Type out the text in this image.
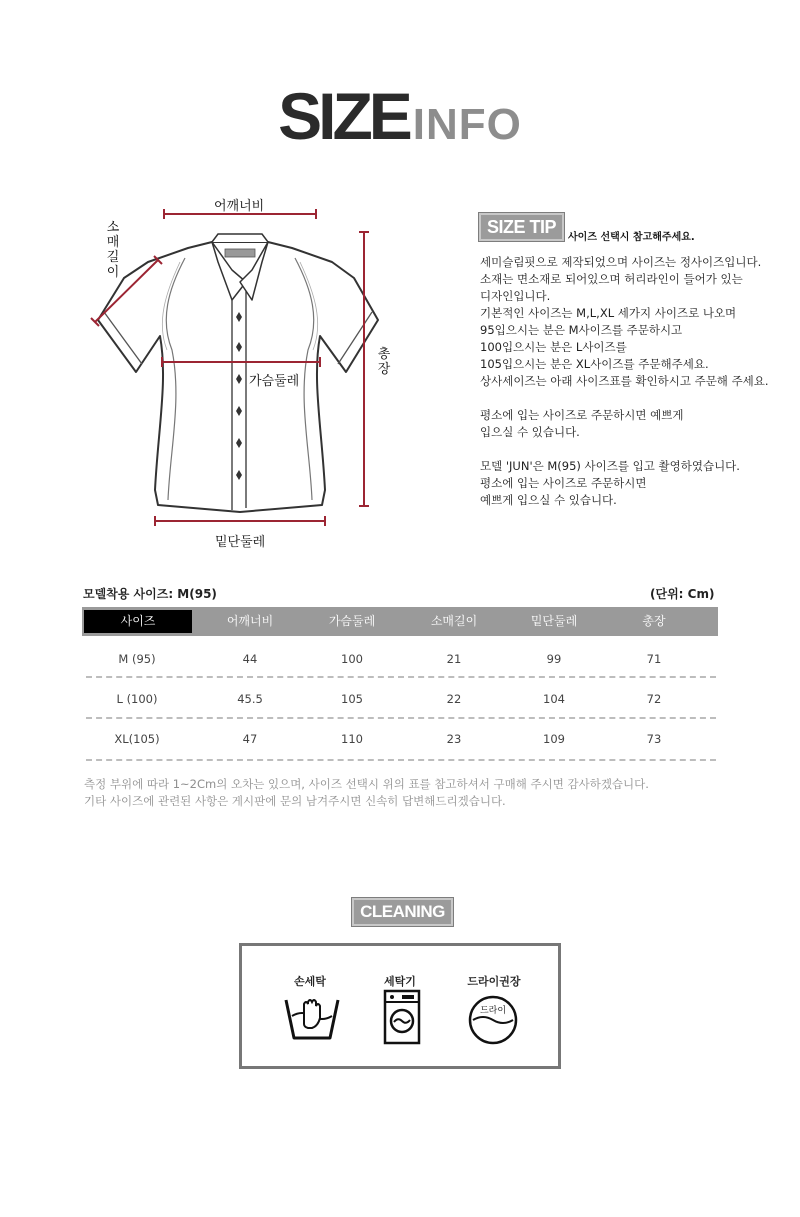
SIZEINFO
어깨너비
소
매
길
이
가슴둘레
총
장
밑단둘레
SIZE TIP
사이즈 선택시 참고해주세요.
세미슬림핏으로 제작되었으며 사이즈는 정사이즈입니다.
소재는 면소재로 되어있으며 허리라인이 들어가 있는
디자인입니다.
기본적인 사이즈는 M,L,XL 세가지 사이즈로 나오며
95입으시는 분은 M사이즈를 주문하시고
100입으시는 분은 L사이즈를
105입으시는 분은 XL사이즈를 주문해주세요.
상사세이즈는 아래 사이즈표를 확인하시고 주문해 주세요.
평소에 입는 사이즈로 주문하시면 예쁘게
입으실 수 있습니다.
모델 'JUN'은 M(95) 사이즈를 입고 촬영하였습니다.
평소에 입는 사이즈로 주문하시면
예쁘게 입으실 수 있습니다.
모델착용 사이즈: M(95)	(단위: Cm)
사이즈	어깨너비	가슴둘레	소매길이	밑단둘레	총장
M (95)	44	100	21	99	71
L (100)	45.5	105	22	104	72
XL(105)	47	110	23	109	73
측정 부위에 따라 1~2Cm의 오차는 있으며, 사이즈 선택시 위의 표를 참고하셔서 구매해 주시면 감사하겠습니다.
기타 사이즈에 관련된 사항은 게시판에 문의 남겨주시면 신속히 답변해드리겠습니다.
CLEANING
손세탁	세탁기	드라이권장
드라이
